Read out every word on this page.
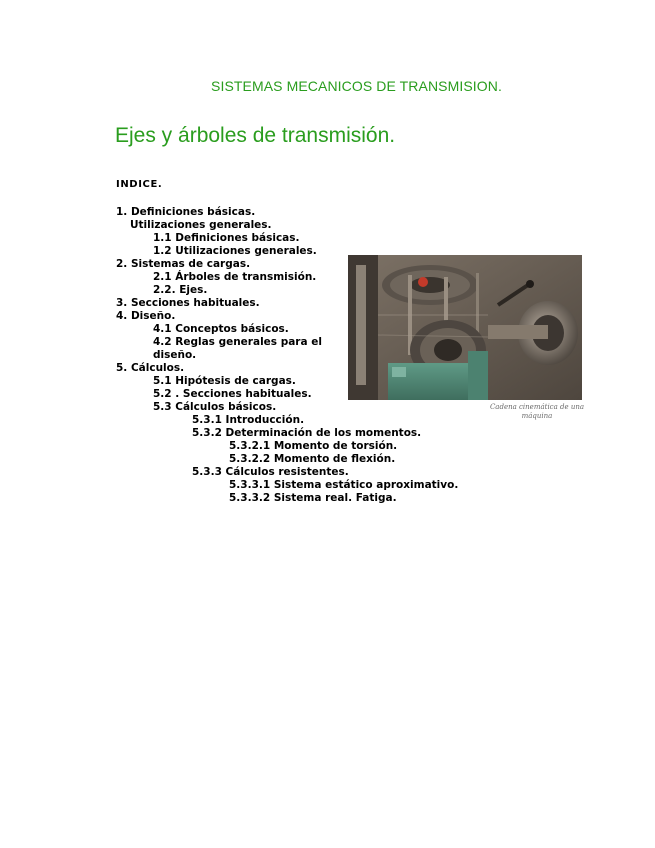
SISTEMAS MECANICOS DE TRANSMISION.
Ejes y árboles de transmisión.
INDICE.
1. Definiciones básicas.
Utilizaciones generales.
1.1 Definiciones básicas.
1.2 Utilizaciones generales.
2. Sistemas de cargas.
2.1 Árboles de transmisión.
2.2. Ejes.
3. Secciones habituales.
4. Diseño.
4.1 Conceptos básicos.
4.2 Reglas generales para el
diseño.
5. Cálculos.
5.1 Hipótesis de cargas.
5.2 . Secciones habituales.
5.3 Cálculos básicos.
5.3.1 Introducción.
5.3.2 Determinación de los momentos.
5.3.2.1 Momento de torsión.
5.3.2.2 Momento de flexión.
5.3.3 Cálculos resistentes.
5.3.3.1 Sistema estático aproximativo.
5.3.3.2 Sistema real. Fatiga.
Cadena cinemática de una máquina
